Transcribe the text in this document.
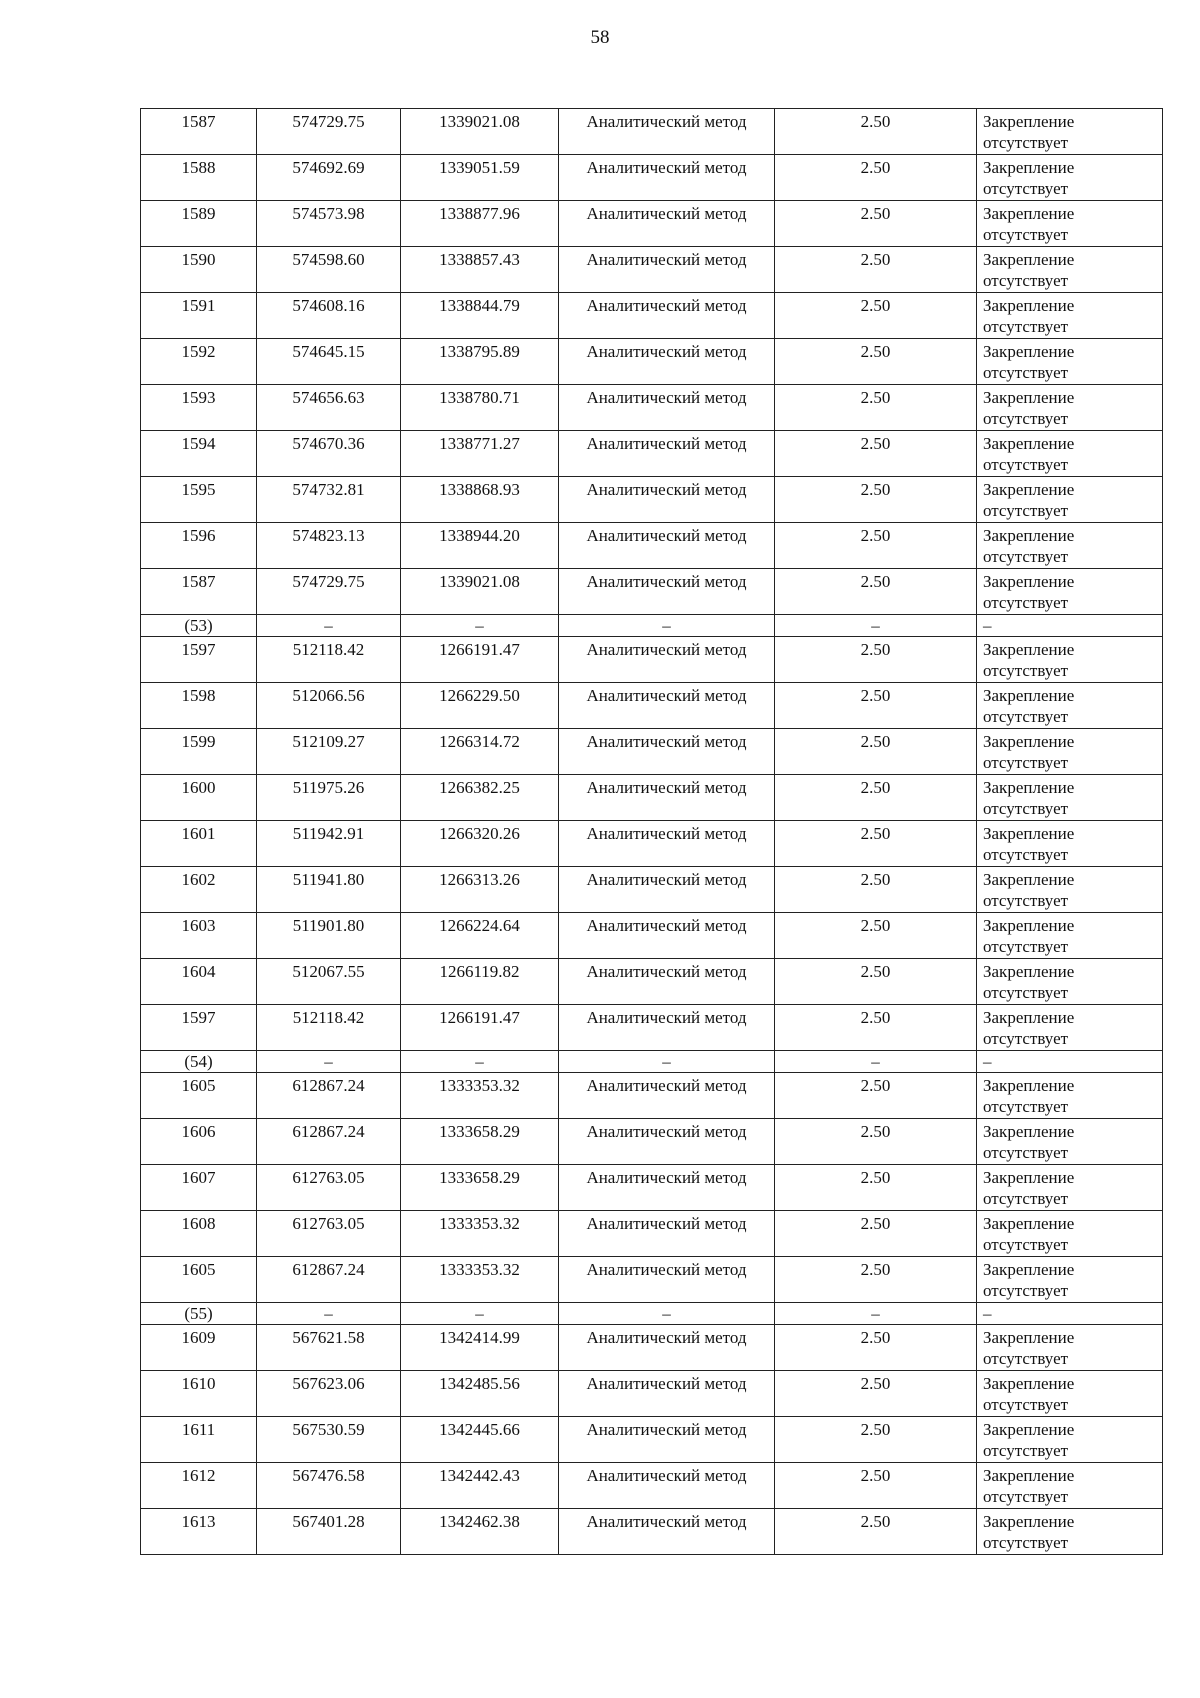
58
1587	574729.75	1339021.08	Аналитический метод	2.50	Закрепление
отсутствует
1588	574692.69	1339051.59	Аналитический метод	2.50	Закрепление
отсутствует
1589	574573.98	1338877.96	Аналитический метод	2.50	Закрепление
отсутствует
1590	574598.60	1338857.43	Аналитический метод	2.50	Закрепление
отсутствует
1591	574608.16	1338844.79	Аналитический метод	2.50	Закрепление
отсутствует
1592	574645.15	1338795.89	Аналитический метод	2.50	Закрепление
отсутствует
1593	574656.63	1338780.71	Аналитический метод	2.50	Закрепление
отсутствует
1594	574670.36	1338771.27	Аналитический метод	2.50	Закрепление
отсутствует
1595	574732.81	1338868.93	Аналитический метод	2.50	Закрепление
отсутствует
1596	574823.13	1338944.20	Аналитический метод	2.50	Закрепление
отсутствует
1587	574729.75	1339021.08	Аналитический метод	2.50	Закрепление
отсутствует
(53)	–	–	–	–	–
1597	512118.42	1266191.47	Аналитический метод	2.50	Закрепление
отсутствует
1598	512066.56	1266229.50	Аналитический метод	2.50	Закрепление
отсутствует
1599	512109.27	1266314.72	Аналитический метод	2.50	Закрепление
отсутствует
1600	511975.26	1266382.25	Аналитический метод	2.50	Закрепление
отсутствует
1601	511942.91	1266320.26	Аналитический метод	2.50	Закрепление
отсутствует
1602	511941.80	1266313.26	Аналитический метод	2.50	Закрепление
отсутствует
1603	511901.80	1266224.64	Аналитический метод	2.50	Закрепление
отсутствует
1604	512067.55	1266119.82	Аналитический метод	2.50	Закрепление
отсутствует
1597	512118.42	1266191.47	Аналитический метод	2.50	Закрепление
отсутствует
(54)	–	–	–	–	–
1605	612867.24	1333353.32	Аналитический метод	2.50	Закрепление
отсутствует
1606	612867.24	1333658.29	Аналитический метод	2.50	Закрепление
отсутствует
1607	612763.05	1333658.29	Аналитический метод	2.50	Закрепление
отсутствует
1608	612763.05	1333353.32	Аналитический метод	2.50	Закрепление
отсутствует
1605	612867.24	1333353.32	Аналитический метод	2.50	Закрепление
отсутствует
(55)	–	–	–	–	–
1609	567621.58	1342414.99	Аналитический метод	2.50	Закрепление
отсутствует
1610	567623.06	1342485.56	Аналитический метод	2.50	Закрепление
отсутствует
1611	567530.59	1342445.66	Аналитический метод	2.50	Закрепление
отсутствует
1612	567476.58	1342442.43	Аналитический метод	2.50	Закрепление
отсутствует
1613	567401.28	1342462.38	Аналитический метод	2.50	Закрепление
отсутствует
